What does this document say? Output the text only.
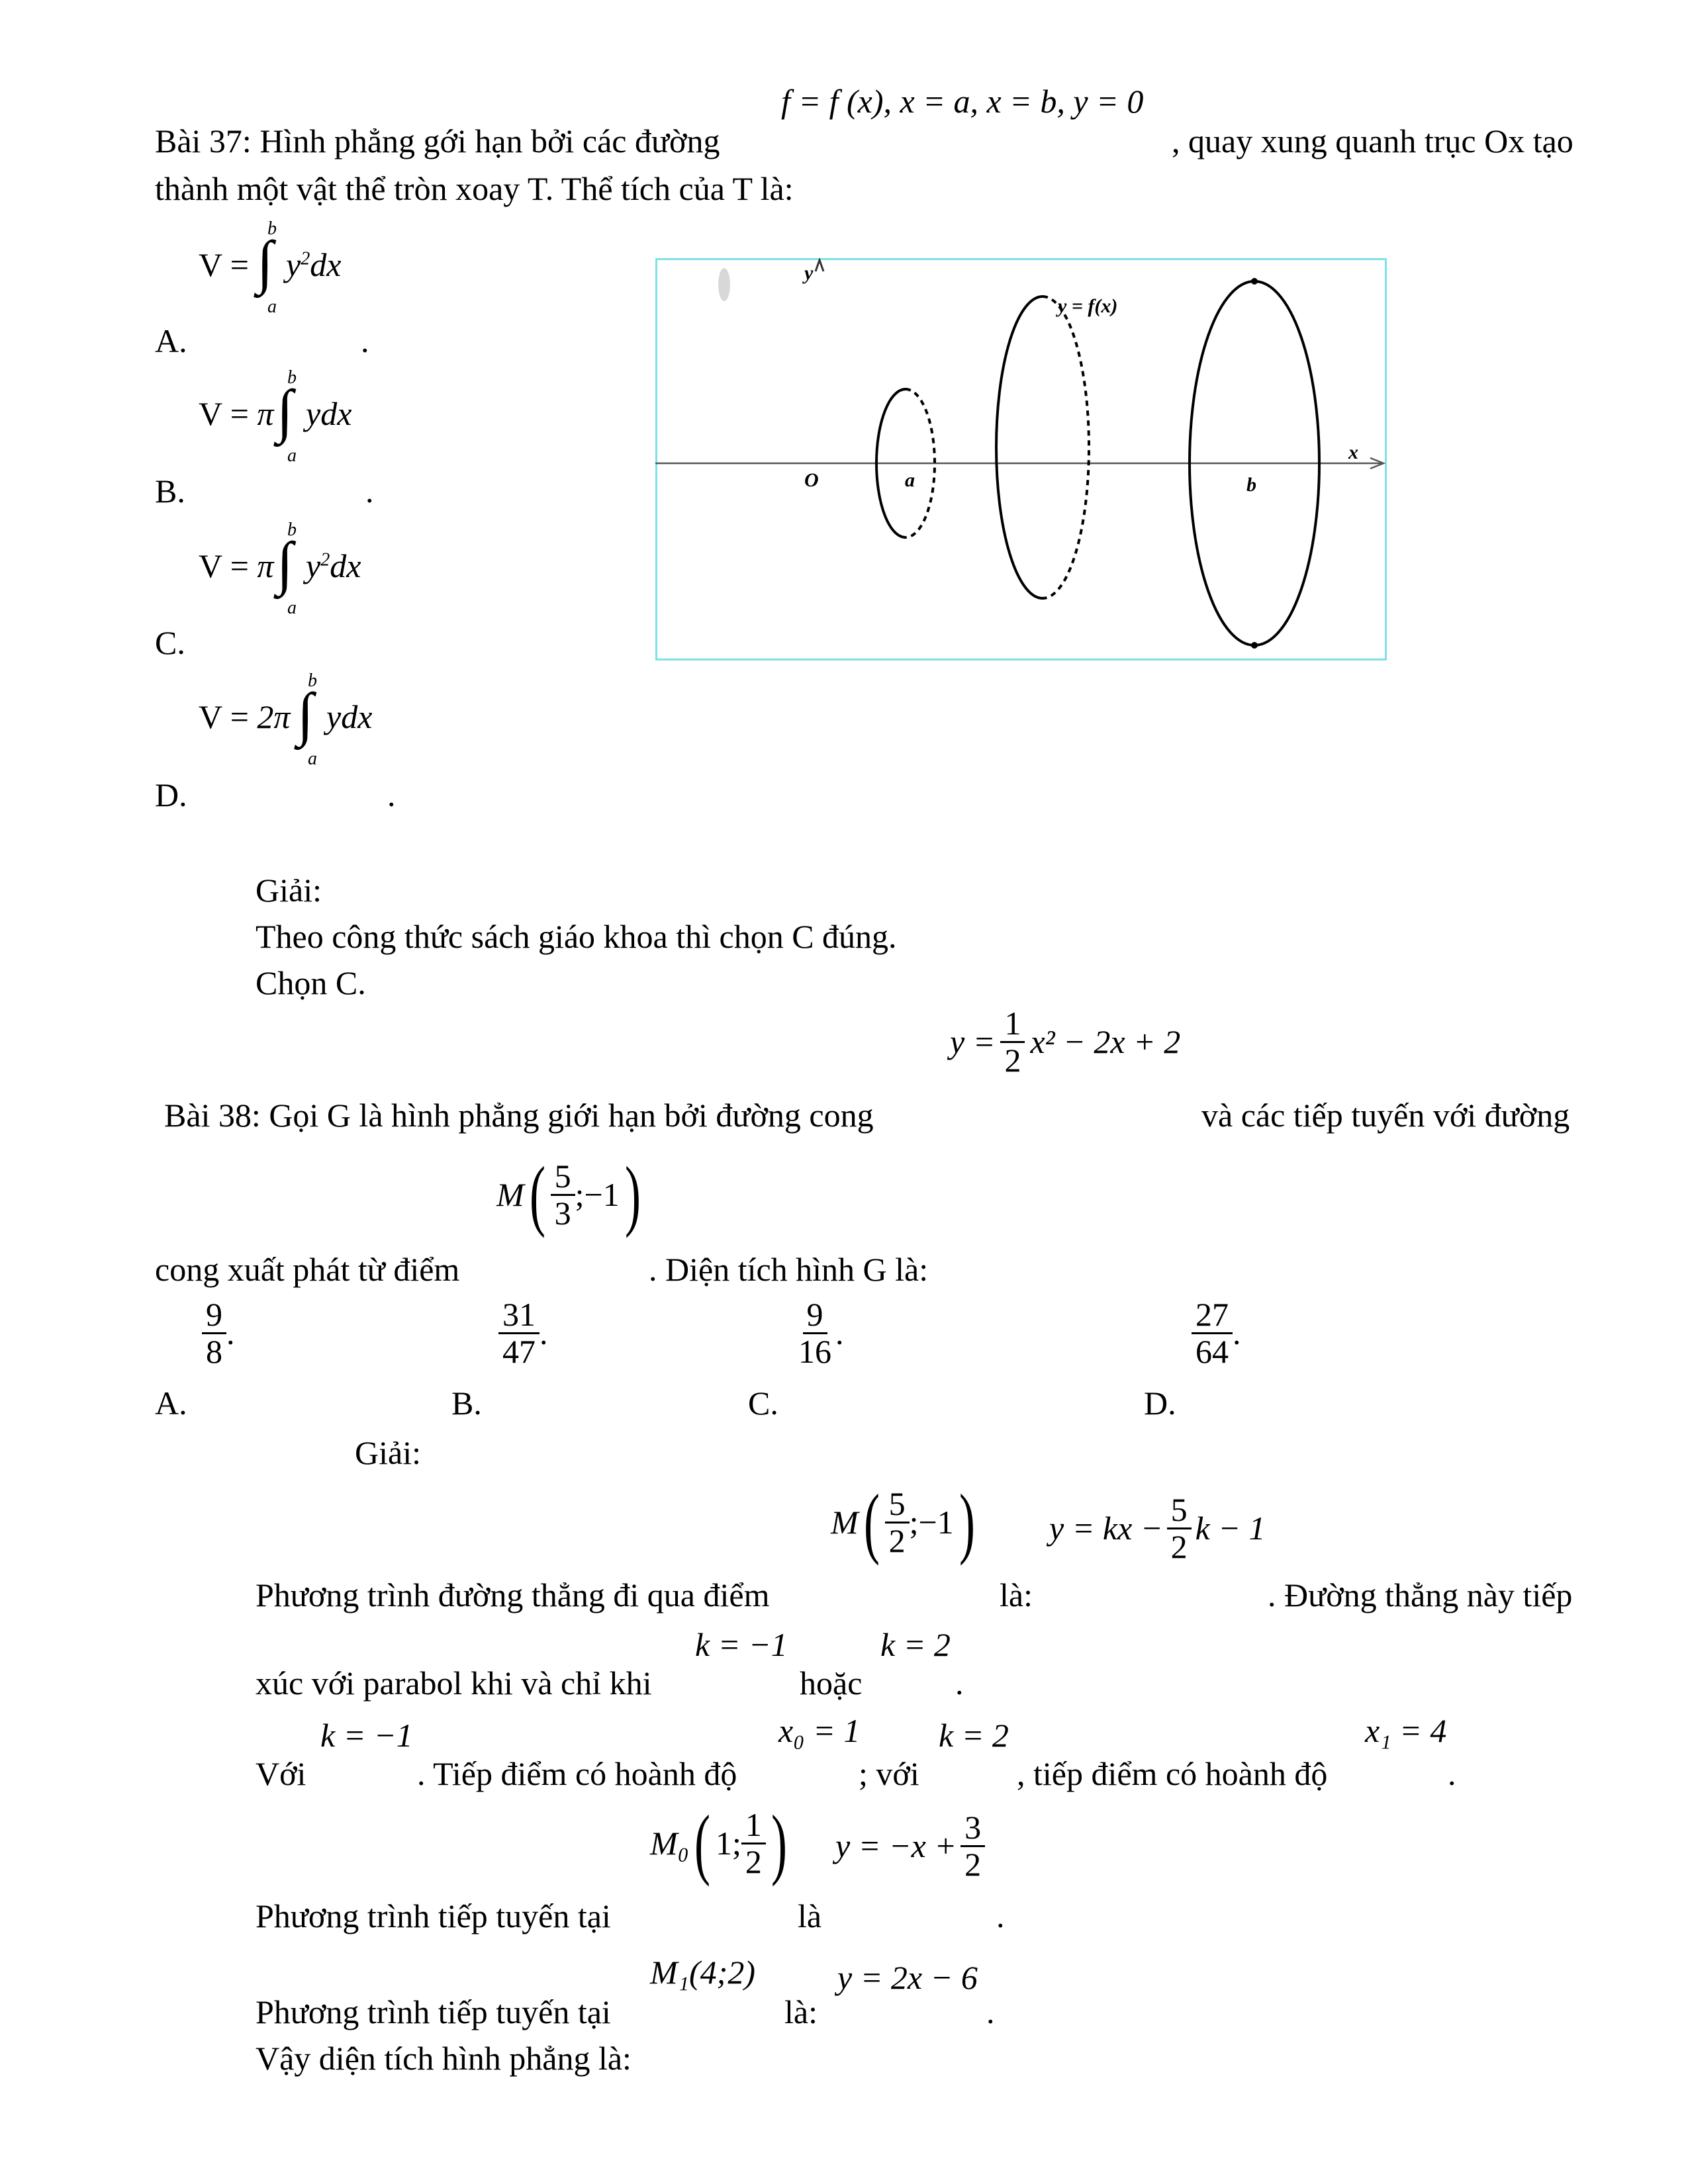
f = f (x), x = a, x = b, y = 0
Bài 37: Hình phẳng gới hạn bởi các đường	, quay xung quanh trục Ox tạo
thành một vật thể tròn xoay T. Thể tích của T là:
b
V = ∫ $y^2dx$
a
A.	.
b
V = π ∫ ydx
a
B.	.
b
V = π ∫ $y^2dx$
a
C.
b
V = 2π ∫ ydx
a
D.	.
y
y = f(x)
x
O	a	b
Giải:
Theo công thức sách giáo khoa thì chọn C đúng.
Chọn C.
$y = \frac{1}{2} x^2 - 2x + 2$
Bài 38: Gọi G là hình phẳng giới hạn bởi đường cong	và các tiếp tuyến với đường
M ( $\frac{5}{3}$ ;−1 )
cong xuất phát từ điểm	. Diện tích hình G là:
$\frac{9}{8}$ .
A.
$\frac{31}{47}$ .
B.
$\frac{9}{16}$ .
C.
$\frac{27}{64}$ .
D.
Giải:
M ( $\frac{5}{2}$ ;−1 ) y = kx − $\frac{5}{2}$ k − 1
Phương trình đường thẳng đi qua điểm	là:	. Đường thẳng này tiếp
k = −1	k = 2
xúc với parabol khi và chỉ khi	hoặc	.
k = −1	x₀ = 1 k = 2	x₁ = 4
Với	. Tiếp điểm có hoành độ	; với	, tiếp điểm có hoành độ	.
M₀ ( 1; $\frac{1}{2}$ ) $y = -x + \frac{3}{2}$
Phương trình tiếp tuyến tại	là	.
M₁(4;2) y = 2x − 6
Phương trình tiếp tuyến tại	là:	.
Vậy diện tích hình phẳng là:
